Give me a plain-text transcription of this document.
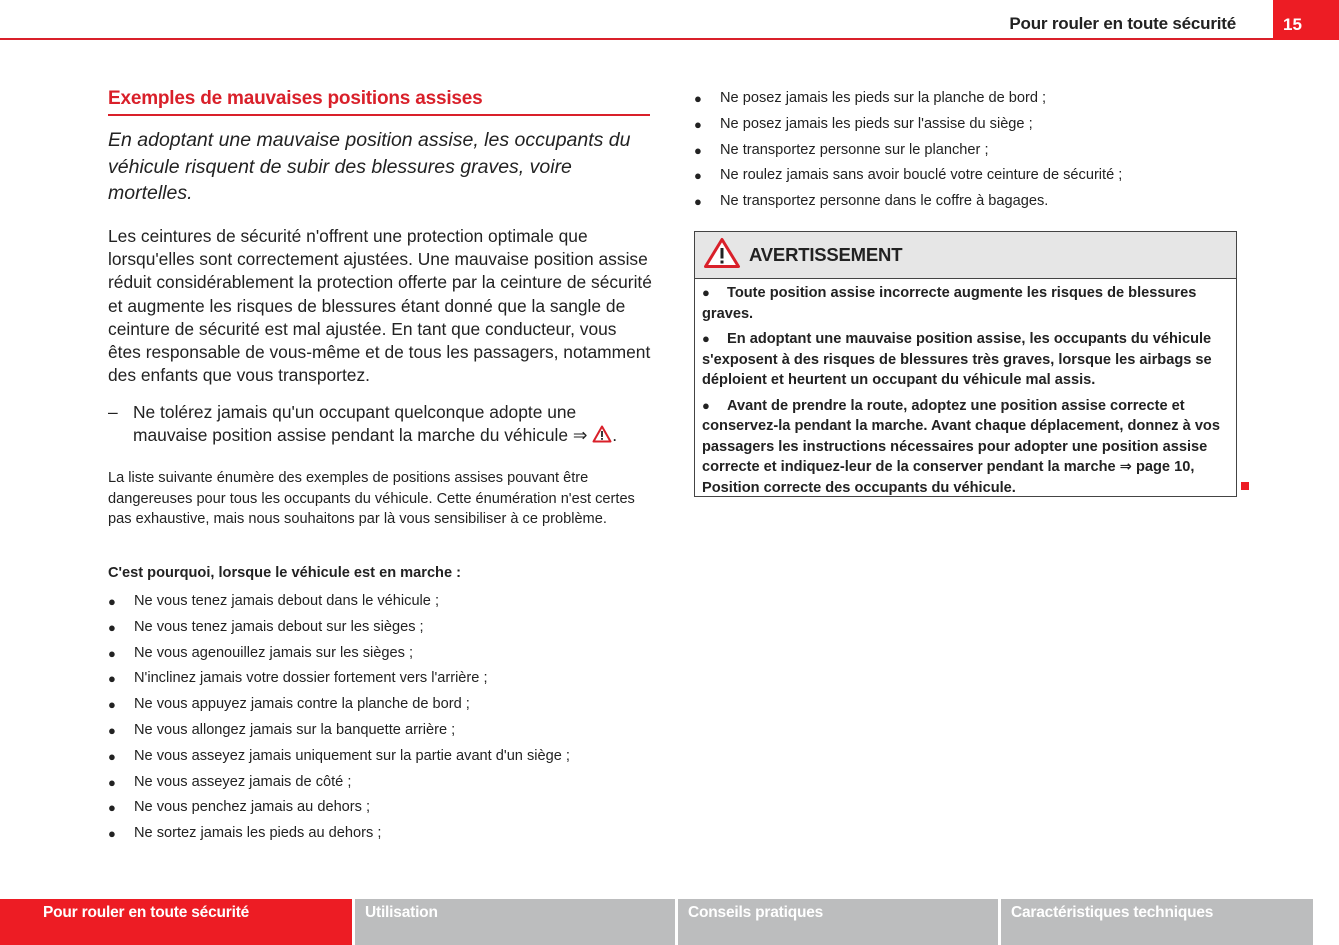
Pour rouler en toute sécurité	15
Exemples de mauvaises positions assises
En adoptant une mauvaise position assise, les occupants du véhicule risquent de subir des blessures graves, voire mortelles.
Les ceintures de sécurité n'offrent une protection optimale que lorsqu'elles sont correctement ajustées. Une mauvaise position assise réduit considérablement la protection offerte par la ceinture de sécurité et augmente les risques de blessures étant donné que la sangle de ceinture de sécurité est mal ajustée. En tant que conducteur, vous êtes responsable de vous-même et de tous les passagers, notamment des enfants que vous transportez.
– Ne tolérez jamais qu'un occupant quelconque adopte une mauvaise position assise pendant la marche du véhicule ⇒ .
La liste suivante énumère des exemples de positions assises pouvant être dangereuses pour tous les occupants du véhicule. Cette énumération n'est certes pas exhaustive, mais nous souhaitons par là vous sensibiliser à ce problème.
C'est pourquoi, lorsque le véhicule est en marche :
●	Ne vous tenez jamais debout dans le véhicule ;
●	Ne vous tenez jamais debout sur les sièges ;
●	Ne vous agenouillez jamais sur les sièges ;
●	N'inclinez jamais votre dossier fortement vers l'arrière ;
●	Ne vous appuyez jamais contre la planche de bord ;
●	Ne vous allongez jamais sur la banquette arrière ;
●	Ne vous asseyez jamais uniquement sur la partie avant d'un siège ;
●	Ne vous asseyez jamais de côté ;
●	Ne vous penchez jamais au dehors ;
●	Ne sortez jamais les pieds au dehors ;
●	Ne posez jamais les pieds sur la planche de bord ;
●	Ne posez jamais les pieds sur l'assise du siège ;
●	Ne transportez personne sur le plancher ;
●	Ne roulez jamais sans avoir bouclé votre ceinture de sécurité ;
●	Ne transportez personne dans le coffre à bagages.
AVERTISSEMENT

● Toute position assise incorrecte augmente les risques de blessures graves.

● En adoptant une mauvaise position assise, les occupants du véhicule s'exposent à des risques de blessures très graves, lorsque les airbags se déploient et heurtent un occupant du véhicule mal assis.

● Avant de prendre la route, adoptez une position assise correcte et conservez-la pendant la marche. Avant chaque déplacement, donnez à vos passagers les instructions nécessaires pour adopter une position assise correcte et indiquez-leur de la conserver pendant la marche ⇒ page 10, Position correcte des occupants du véhicule.

Pour rouler en toute sécurité	Utilisation	Conseils pratiques	Caractéristiques techniques
